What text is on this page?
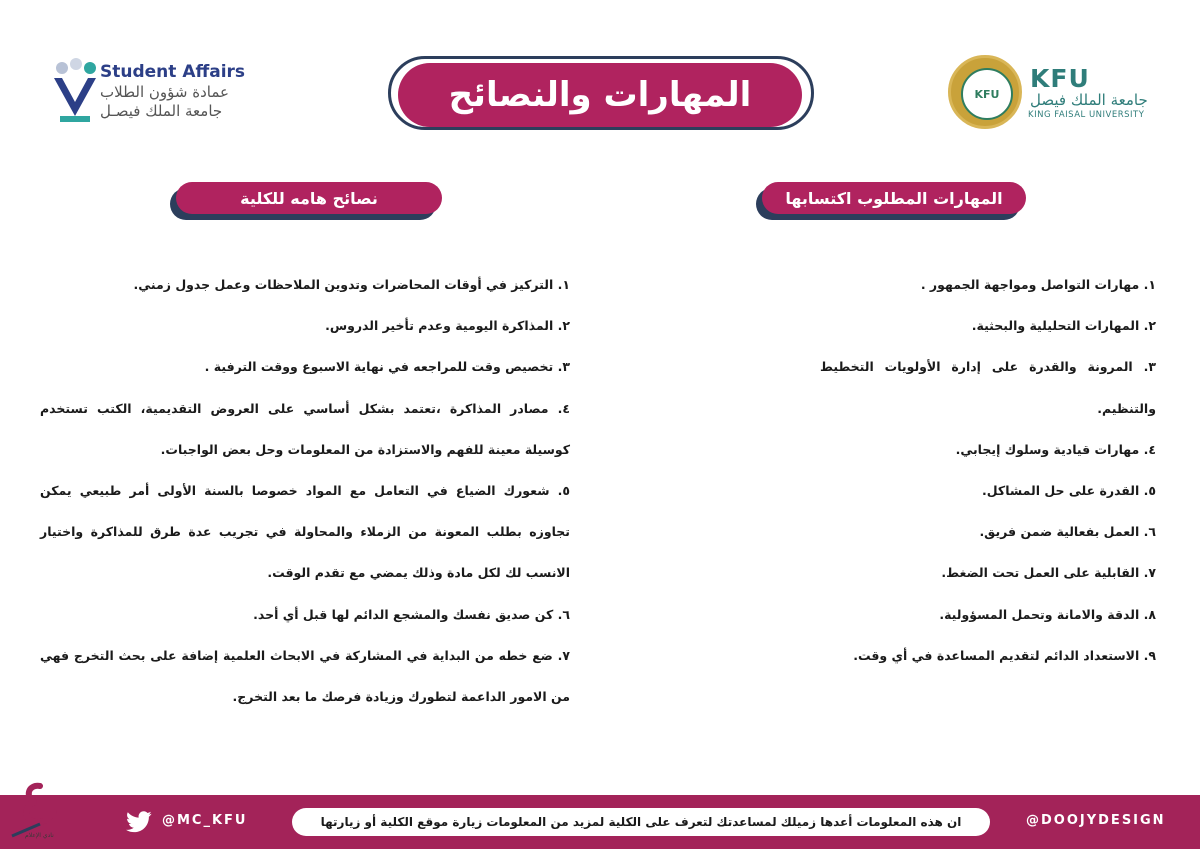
المهارات والنصائح	KFU
KFU
جامعة الملك فيصل
KING FAISAL UNIVERSITY
Student Affairs
عمادة شؤون الطلاب
جامعة الملك فيصـل
المهارات المطلوب اكتسابها
نصائح هامه للكلية

١. مهارات التواصل ومواجهة الجمهور .

٢. المهارات التحليلية والبحثية.

٣. المرونة والقدرة على إدارة الأولويات التخطيط والتنظيم.

٤. مهارات قيادية وسلوك إيجابي.

٥. القدرة على حل المشاكل.

٦. العمل بفعالية ضمن فريق.

٧. القابلية على العمل تحت الضغط.

٨. الدقة والامانة وتحمل المسؤولية.

٩. الاستعداد الدائم لتقديم المساعدة في أي وقت.

١. التركيز في أوقات المحاضرات وتدوين الملاحظات وعمل جدول زمني.

٢. المذاكرة اليومية وعدم تأخير الدروس.

٣. تخصيص وقت للمراجعه في نهاية الاسبوع ووقت الترفية .

٤. مصادر المذاكرة ،تعتمد بشكل أساسي على العروض التقديمية، الكتب تستخدم كوسيلة معينة للفهم والاستزادة من المعلومات وحل بعض الواجبات.

٥. شعورك الضياع في التعامل مع المواد خصوصا بالسنة الأولى أمر طبيعي يمكن تجاوزه بطلب المعونة من الزملاء والمحاولة في تجريب عدة طرق للمذاكرة واختيار الانسب لك لكل مادة وذلك يمضي مع تقدم الوقت.

٦. كن صديق نفسك والمشجع الدائم لها قبل أي أحد.

٧. ضع خطه من البداية في المشاركة في الابحاث العلمية إضافة على بحث التخرج فهي من الامور الداعمة لتطورك وزيادة فرصك ما بعد التخرج.

ان هذه المعلومات أعدها زميلك لمساعدتك لتعرف على الكلية لمزيد من المعلومات زيارة موقع الكلية أو زيارتها	@DOOJYDESIGN
@MC_KFU
نادي الإعلام
